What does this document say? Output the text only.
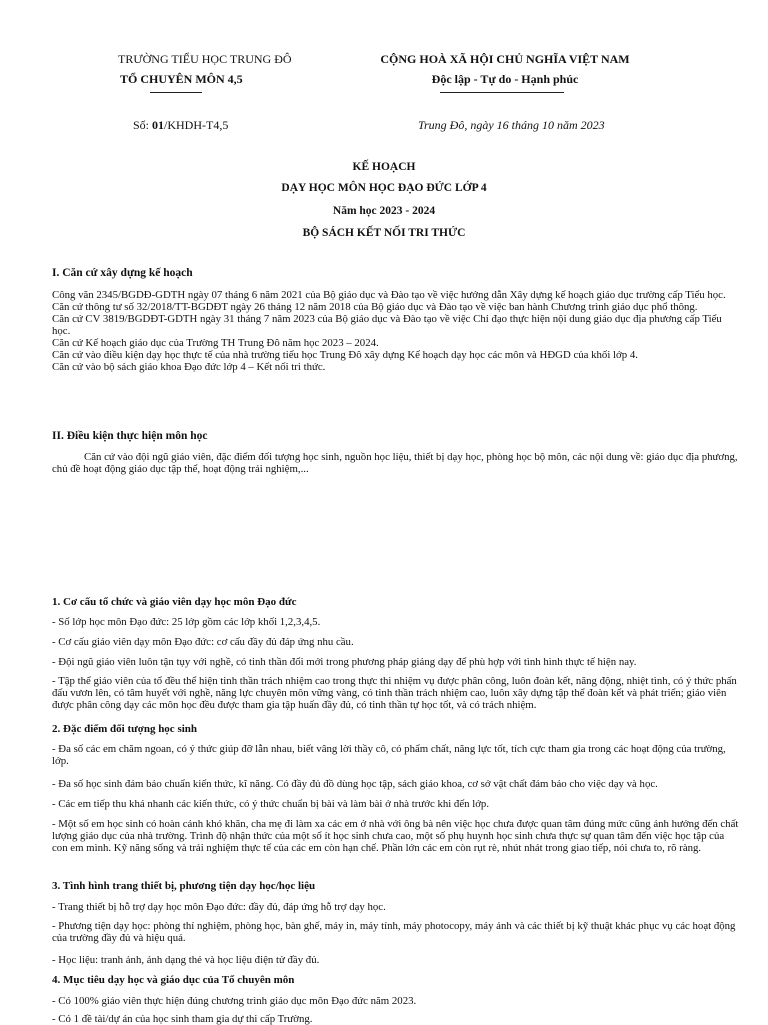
TRƯỜNG TIỂU HỌC TRUNG ĐÔ
TỔ CHUYÊN MÔN 4,5
CỘNG HOÀ XÃ HỘI CHỦ NGHĨA VIỆT NAM
Độc lập - Tự do - Hạnh phúc
Số: 01/KHDH-T4,5	Trung Đô, ngày 16 tháng 10 năm 2023
KẾ HOẠCH
DẠY HỌC MÔN HỌC ĐẠO ĐỨC LỚP 4
Năm học 2023 - 2024
BỘ SÁCH KẾT NỐI TRI THỨC
I. Căn cứ xây dựng kế hoạch

Công văn 2345/BGDĐ-GDTH ngày 07 tháng 6 năm 2021 của Bộ giáo dục và Đào tạo về việc hướng dẫn Xây dựng kế hoạch giáo dục trường cấp Tiểu học.

Căn cứ thông tư số 32/2018/TT-BGDĐT ngày 26 tháng 12 năm 2018 của Bộ giáo dục và Đào tạo về việc ban hành Chương trình giáo dục phổ thông.

Căn cứ CV 3819/BGDĐT-GDTH ngày 31 tháng 7 năm 2023 của Bộ giáo dục và Đào tạo về việc Chỉ đạo thực hiện nội dung giáo dục địa phương cấp Tiểu học.

Căn cứ Kế hoạch giáo dục của Trường TH Trung Đô năm học 2023 – 2024.

Căn cứ vào điều kiện dạy học thực tế của nhà trường tiểu học Trung Đô xây dựng Kế hoạch dạy học các môn và HĐGD của khối lớp 4.

Căn cứ vào bộ sách giáo khoa Đạo đức lớp 4 – Kết nối tri thức.

II. Điều kiện thực hiện môn học
Căn cứ vào đội ngũ giáo viên, đặc điểm đối tượng học sinh, nguồn học liệu, thiết bị dạy học, phòng học bộ môn, các nội dung về: giáo dục địa phương, chủ đề hoạt động giáo dục tập thể, hoạt động trải nghiệm,...
1. Cơ cấu tổ chức và giáo viên dạy học môn Đạo đức
- Số lớp học môn Đạo đức: 25 lớp gồm các lớp khối 1,2,3,4,5.
- Cơ cấu giáo viên dạy môn Đạo đức: cơ cấu đầy đủ đáp ứng nhu cầu.
- Đội ngũ giáo viên luôn tận tụy với nghề, có tinh thần đổi mới trong phương pháp giảng dạy để phù hợp với tình hình thực tế hiện nay.
- Tập thể giáo viên của tổ đều thể hiện tinh thần trách nhiệm cao trong thực thi nhiệm vụ được phân công, luôn đoàn kết, năng động, nhiệt tình, có ý thức phấn đấu vươn lên, có tâm huyết với nghề, năng lực chuyên môn vững vàng, có tinh thần trách nhiệm cao, luôn xây dựng tập thể đoàn kết và phát triển; giáo viên được phân công dạy các môn học đều được tham gia tập huấn đầy đủ, có tinh thần tự học tốt, và có trách nhiệm.
2. Đặc điểm đối tượng học sinh
- Đa số các em chăm ngoan, có ý thức giúp đỡ lẫn nhau, biết vâng lời thầy cô, có phẩm chất, năng lực tốt, tích cực tham gia trong các hoạt động của trường, lớp.
- Đa số học sinh đảm bảo chuẩn kiến thức, kĩ năng. Có đầy đủ đồ dùng học tập, sách giáo khoa, cơ sở vật chất đảm bảo cho việc dạy và học.
- Các em tiếp thu khá nhanh các kiến thức, có ý thức chuẩn bị bài và làm bài ở nhà trước khi đến lớp.
- Một số em học sinh có hoàn cảnh khó khăn, cha mẹ đi làm xa các em ở nhà với ông bà nên việc học chưa được quan tâm đúng mức cũng ảnh hưởng đến chất lượng giáo dục của nhà trường. Trình độ nhận thức của một số ít học sinh chưa cao, một số phụ huynh học sinh chưa thực sự quan tâm đến việc học tập của con em mình. Kỹ năng sống và trải nghiệm thực tế của các em còn hạn chế. Phần lớn các em còn rụt rè, nhút nhát trong giao tiếp, nói chưa to, rõ ràng.
3. Tình hình trang thiết bị, phương tiện dạy học/học liệu
- Trang thiết bị hỗ trợ dạy học môn Đạo đức: đầy đủ, đáp ứng hỗ trợ dạy học.
- Phương tiện dạy học: phòng thí nghiệm, phòng học, bàn ghế, máy in, máy tính, máy photocopy, máy ảnh và các thiết bị kỹ thuật khác phục vụ các hoạt động của trường đầy đủ và hiệu quả.
- Học liệu: tranh ảnh, ảnh dạng thẻ và học liệu điện tử đầy đủ.
4. Mục tiêu dạy học và giáo dục của Tổ chuyên môn
- Có 100% giáo viên thực hiện đúng chương trình giáo dục môn Đạo đức năm 2023.
- Có 1 đề tài/dự án của học sinh tham gia dự thi cấp Trường.
